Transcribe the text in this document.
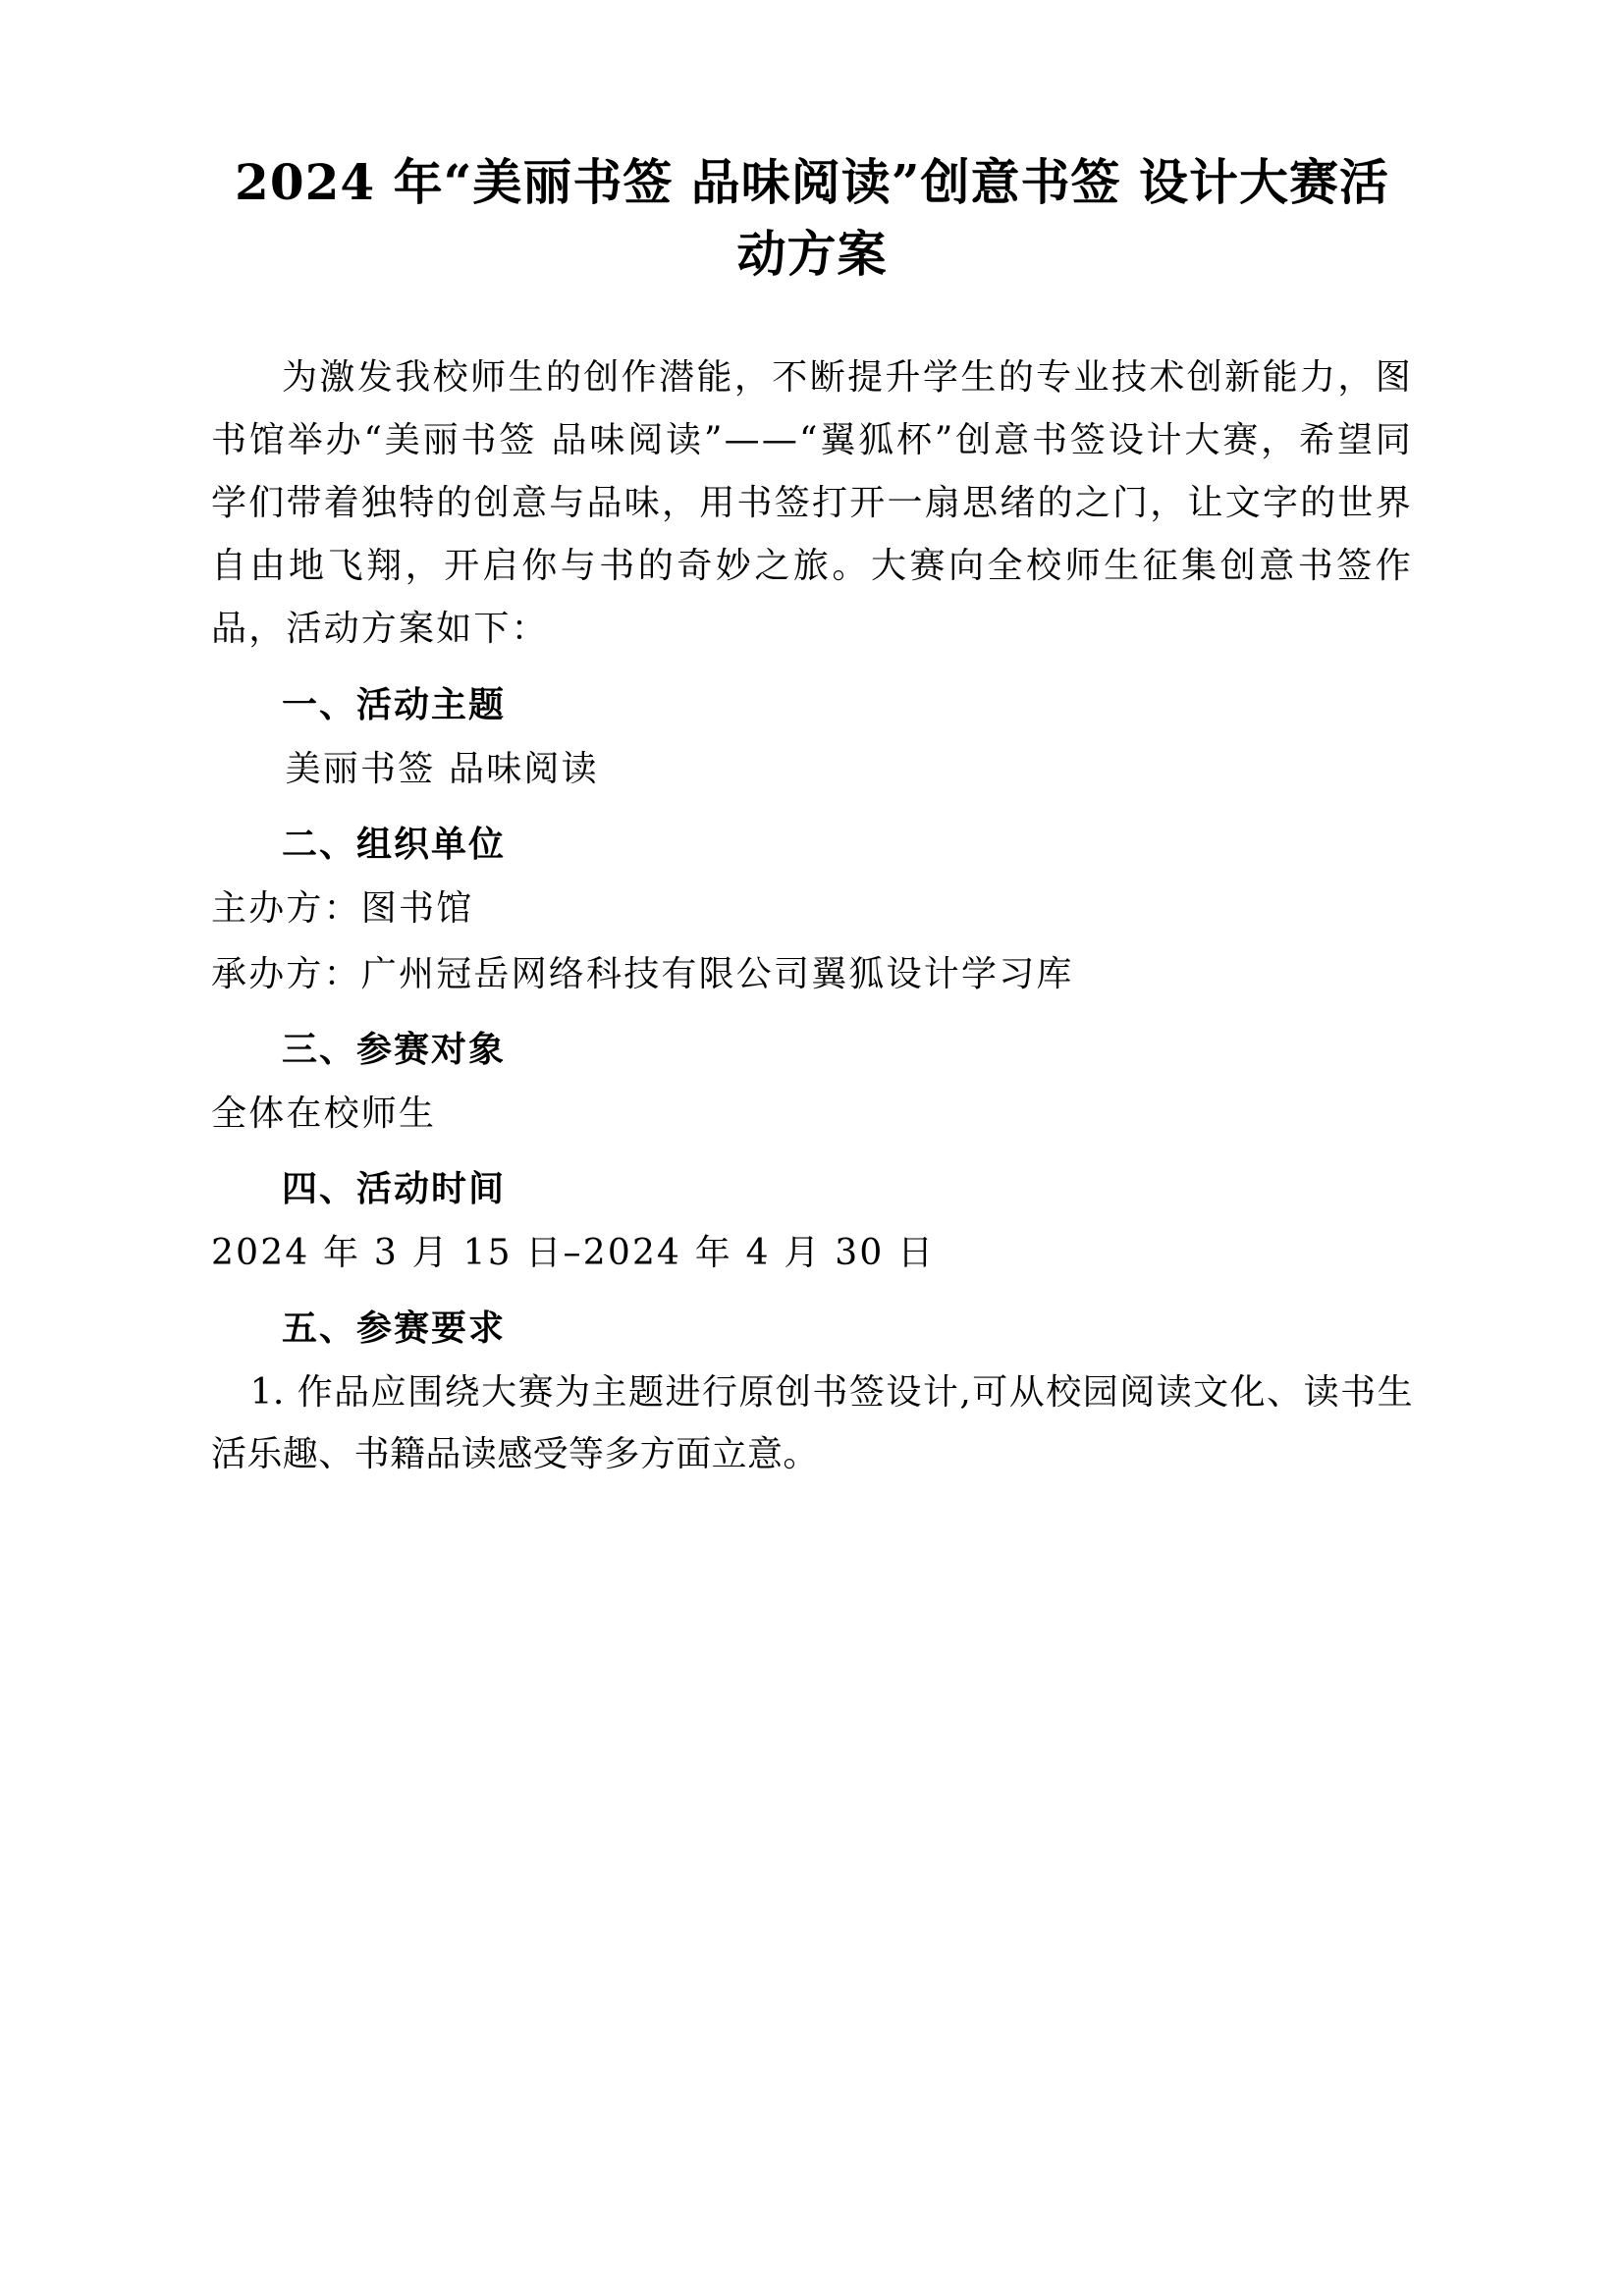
2024 年“美丽书签 品味阅读”创意书签 设计大赛活动方案

为激发我校师生的创作潜能，不断提升学生的专业技术创新能力，图书馆举办“美丽书签 品味阅读”——“翼狐杯”创意书签设计大赛，希望同学们带着独特的创意与品味，用书签打开一扇思绪的之门，让文字的世界自由地飞翔，开启你与书的奇妙之旅。大赛向全校师生征集创意书签作品，活动方案如下：

一、活动主题

美丽书签 品味阅读

二、组织单位

主办方：图书馆

承办方：广州冠岳网络科技有限公司翼狐设计学习库

三、参赛对象

全体在校师生

四、活动时间

2024 年 3 月 15 日–2024 年 4 月 30 日

五、参赛要求

1. 作品应围绕大赛为主题进行原创书签设计,可从校园阅读文化、读书生活乐趣、书籍品读感受等多方面立意。
